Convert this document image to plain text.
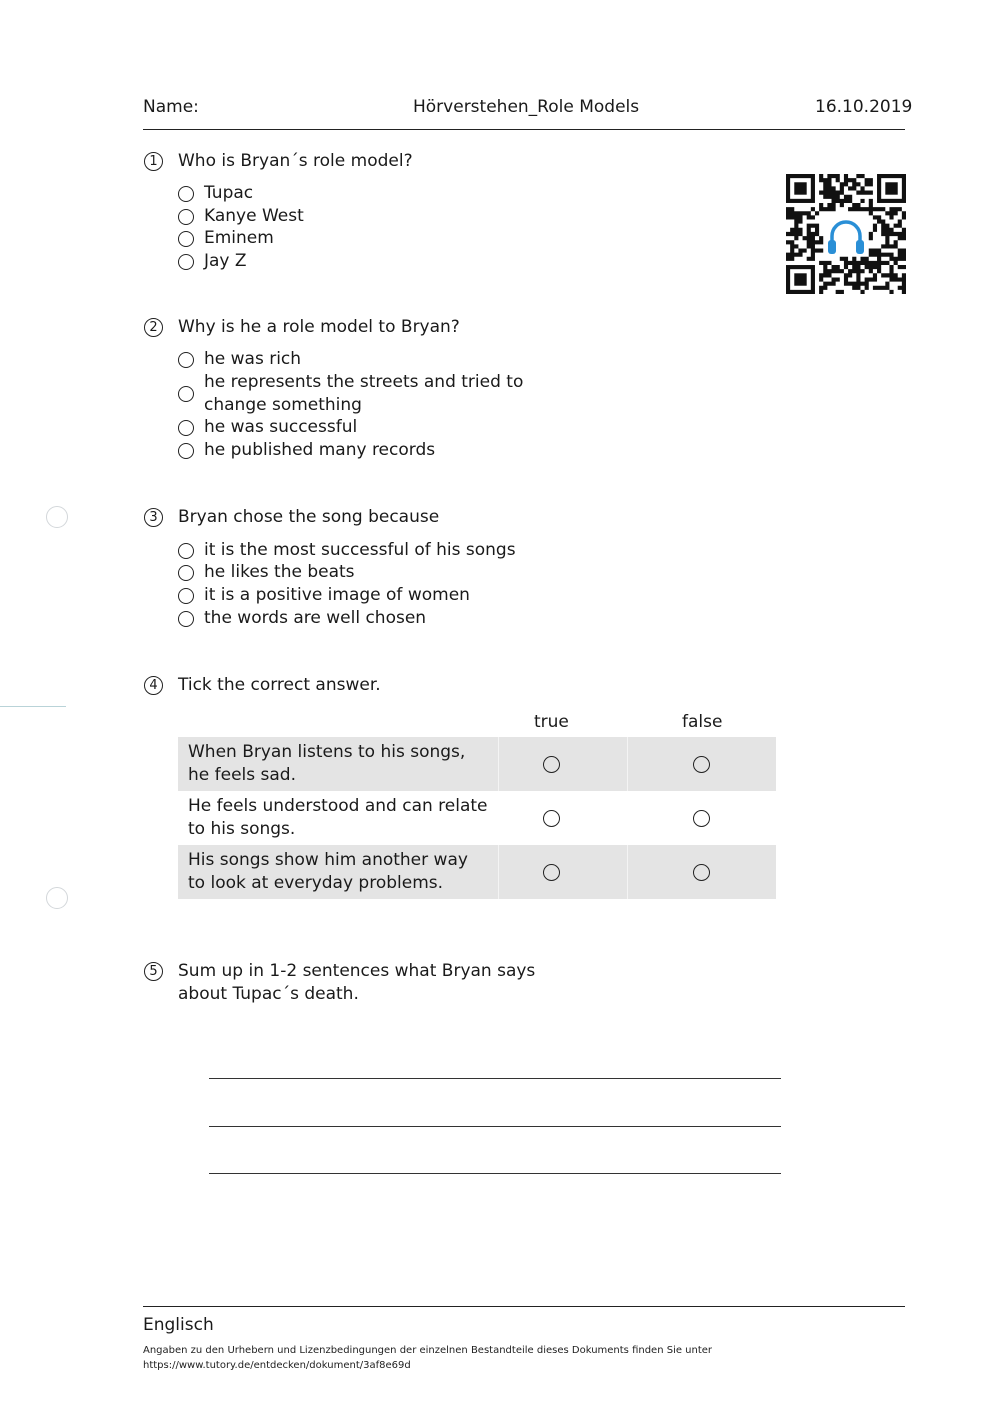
Name:	Hörverstehen_Role Models	16.10.2019
1	Who is Bryan´s role model?
Tupac
Kanye West
Eminem
Jay Z
2	Why is he a role model to Bryan?
he was rich
he represents the streets and tried to
change something
he was successful
he published many records
3	Bryan chose the song because
it is the most successful of his songs
he likes the beats
it is a positive image of women
the words are well chosen
4	Tick the correct answer.
true	false
When Bryan listens to his songs,
he feels sad.
He feels understood and can relate
to his songs.
His songs show him another way
to look at everyday problems.
5	Sum up in 1-2 sentences what Bryan says
about Tupac´s death.
Englisch
Angaben zu den Urhebern und Lizenzbedingungen der einzelnen Bestandteile dieses Dokuments finden Sie unter
https://www.tutory.de/entdecken/dokument/3af8e69d
